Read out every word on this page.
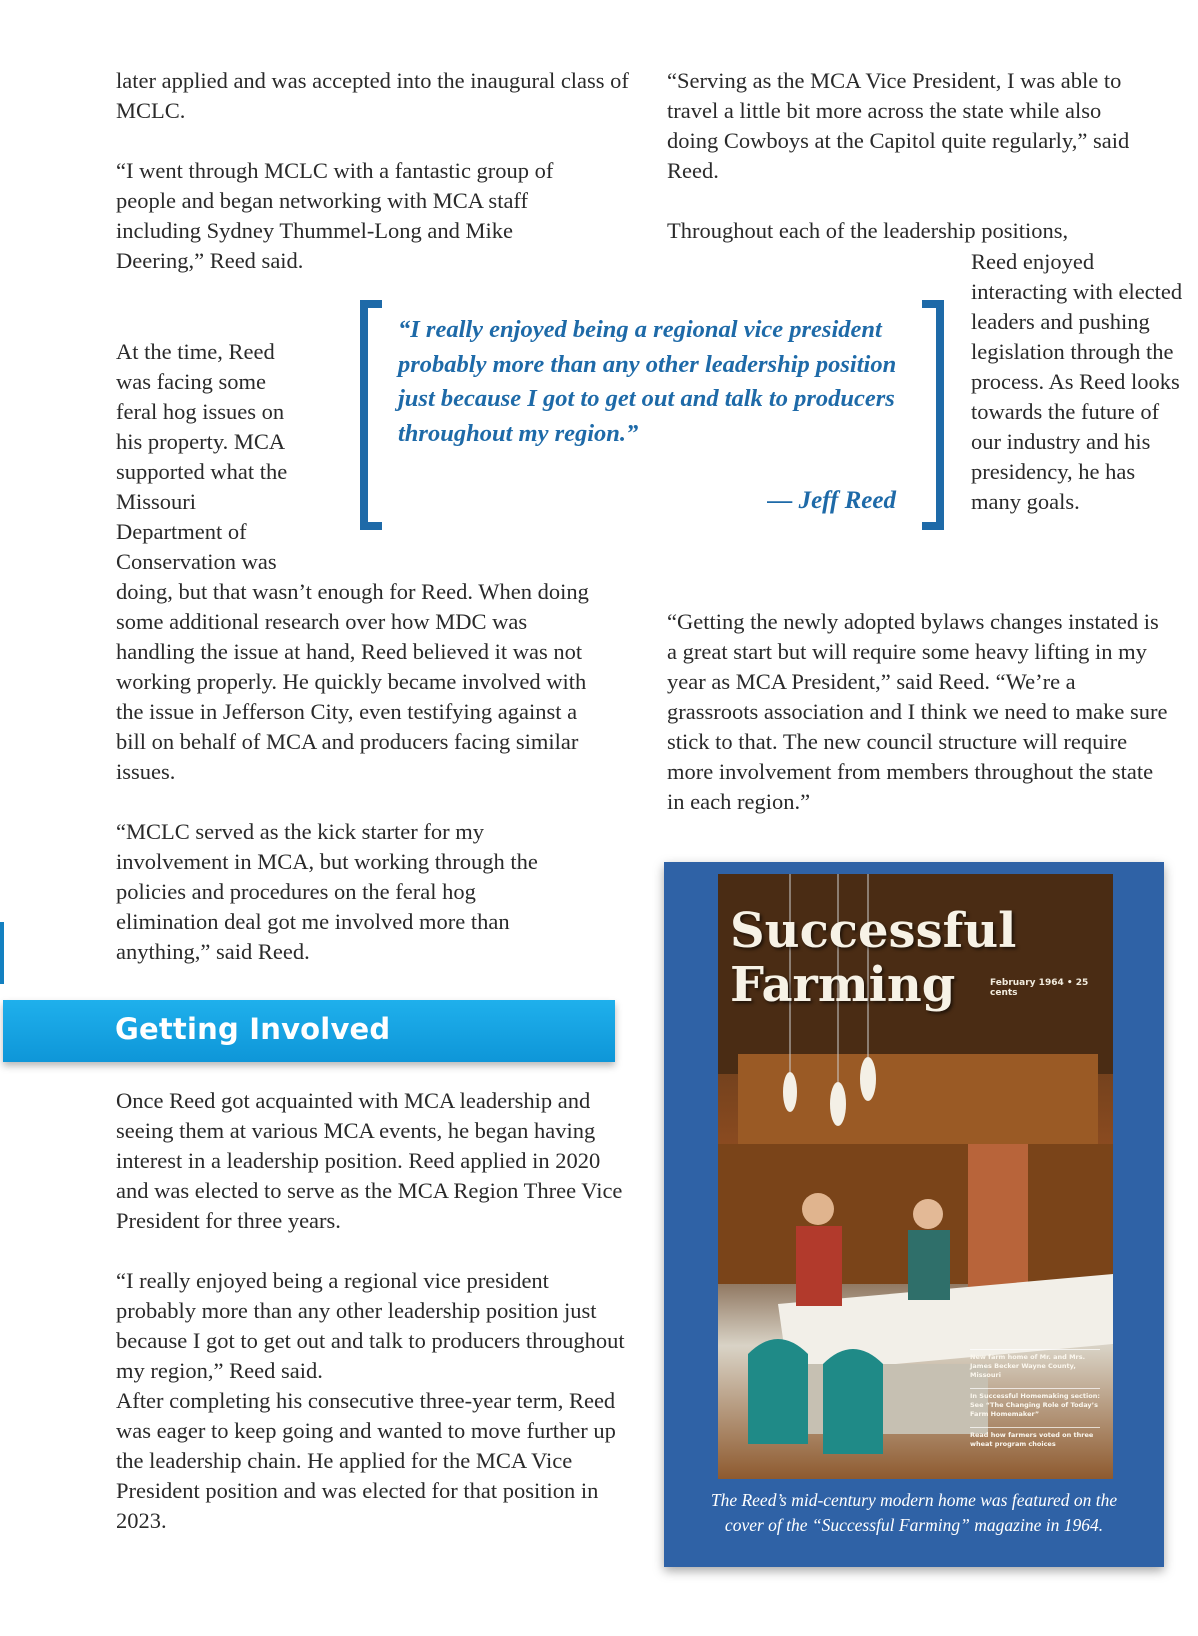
later applied and was accepted into the inaugural class of MCLC.

“I went through MCLC with a fantastic group of people and began networking with MCA staff including Sydney Thummel-Long and Mike Deering,” Reed said.

At the time, Reed was facing some feral hog issues on his property. MCA supported what the Missouri Department of Conservation was

doing, but that wasn’t enough for Reed. When doing some additional research over how MDC was handling the issue at hand, Reed believed it was not working properly. He quickly became involved with the issue in Jefferson City, even testifying against a bill on behalf of MCA and producers facing similar issues.

“MCLC served as the kick starter for my involvement in MCA, but working through the policies and procedures on the feral hog elimination deal got me involved more than anything,” said Reed.

Getting Involved

Once Reed got acquainted with MCA leadership and seeing them at various MCA events, he began having interest in a leadership position. Reed applied in 2020 and was elected to serve as the MCA Region Three Vice President for three years.

“I really enjoyed being a regional vice president probably more than any other leadership position just because I got to get out and talk to producers throughout my region,” Reed said.

After completing his consecutive three-year term, Reed was eager to keep going and wanted to move further up the leadership chain. He applied for the MCA Vice President position and was elected for that position in 2023.

“I really enjoyed being a regional vice president probably more than any other leadership position just because I got to get out and talk to producers throughout my region.”
— Jeff Reed

“Serving as the MCA Vice President, I was able to travel a little bit more across the state while also doing Cowboys at the Capitol quite regularly,” said Reed.

Throughout each of the leadership positions,

Reed enjoyed interacting with elected leaders and pushing legislation through the process. As Reed looks towards the future of our industry and his presidency, he has many goals.

“Getting the newly adopted bylaws changes instated is a great start but will require some heavy lifting in my year as MCA President,” said Reed. “We’re a grassroots association and I think we need to make sure stick to that. The new council structure will require more involvement from members throughout the state in each region.”

Successful Farming	February 1964 • 25 cents
New farm home of Mr. and Mrs. James Becker Wayne County, Missouri
In Successful Homemaking section: See “The Changing Role of Today’s Farm Homemaker”
Read how farmers voted on three wheat program choices
The Reed’s mid-century modern home was featured on the cover of the “Successful Farming” magazine in 1964.
